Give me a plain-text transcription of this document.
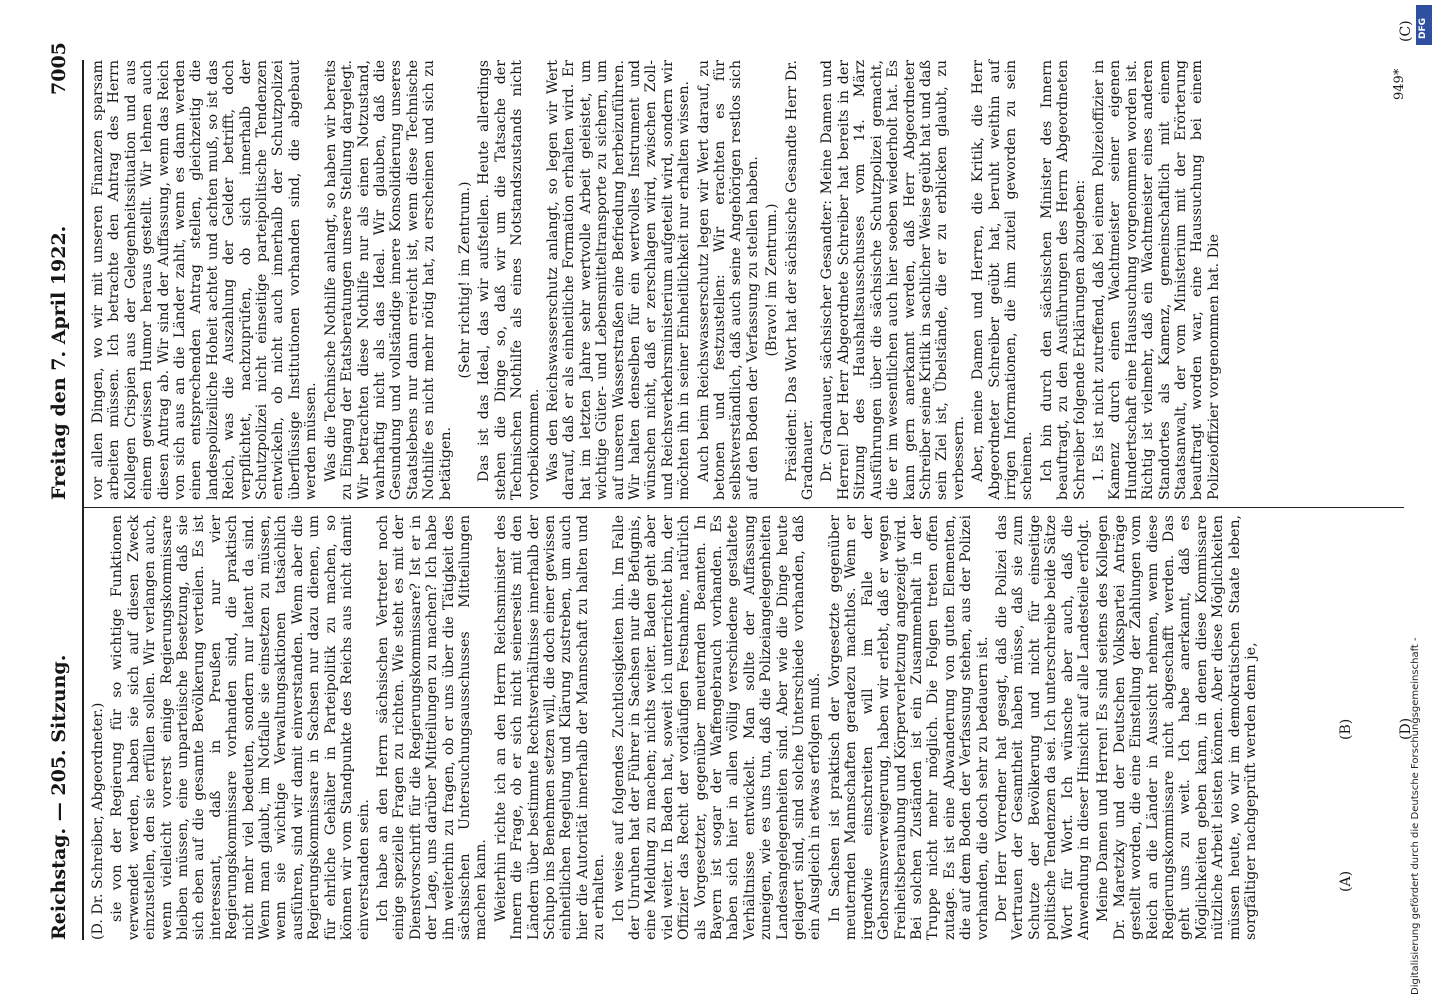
Reichstag. — 205. Sitzung.
Freitag den 7. April 1922.
7005
(A)
(B)
(C)
(D)

(D. Dr. Schreiber, Abgeordneter.) sie von der Regierung für so wichtige Funktionen verwendet werden, haben sie sich auf diesen Zweck einzustellen, den sie erfüllen sollen. Wir verlangen auch, wenn vielleicht vorerst einige Regierungskommissare bleiben müssen, eine unparteiische Besetzung, daß sie sich eben auf die gesamte Bevölkerung verteilen. Es ist interessant, daß in Preußen nur vier Regierungskommissare vorhanden sind, die praktisch nicht mehr viel bedeuten, sondern nur latent da sind. Wenn man glaubt, im Notfalle sie einsetzen zu müssen, wenn sie wichtige Verwaltungsaktionen tatsächlich ausführen, sind wir damit einverstanden. Wenn aber die Regierungskommissare in Sachsen nur dazu dienen, um für ehrliche Gehälter in Parteipolitik zu machen, so können wir vom Standpunkte des Reichs aus nicht damit einverstanden sein. Ich habe an den Herrn sächsischen Vertreter noch einige spezielle Fragen zu richten. Wie steht es mit der Dienstvorschrift für die Regierungskommissare? Ist er in der Lage, uns darüber Mitteilungen zu machen? Ich habe ihn weiterhin zu fragen, ob er uns über die Tätigkeit des sächsischen Untersuchungsausschusses Mitteilungen machen kann. Weiterhin richte ich an den Herrn Reichsminister des Innern die Frage, ob er sich nicht seinerseits mit den Ländern über bestimmte Rechtsverhältnisse innerhalb der Schupo ins Benehmen setzen will, die doch einer gewissen einheitlichen Regelung und Klärung zustreben, um auch hier die Autorität innerhalb der Mannschaft zu halten und zu erhalten. Ich weise auf folgendes Zuchtlosigkeiten hin. Im Falle der Unruhen hat der Führer in Sachsen nur die Befugnis, eine Meldung zu machen; nichts weiter. Baden geht aber viel weiter. In Baden hat, soweit ich unterrichtet bin, der Offizier das Recht der vorläufigen Festnahme, natürlich als Vorgesetzter, gegenüber meuternden Beamten. In Bayern ist sogar der Waffengebrauch vorhanden. Es haben sich hier in allen völlig verschiedene gestaltete Verhältnisse entwickelt. Man sollte der Auffassung zuneigen, wie es uns tun, daß die Polizeiangelegenheiten Landesangelegenheiten sind. Aber wie die Dinge heute gelagert sind, sind solche Unterschiede vorhanden, daß ein Ausgleich in etwas erfolgen muß. In Sachsen ist praktisch der Vorgesetzte gegenüber meuternden Mannschaften geradezu machtlos. Wenn er irgendwie einschreiten will im Falle der Gehorsamsverweigerung, haben wir erlebt, daß er wegen Freiheitsberaubung und Körperverletzung angezeigt wird. Bei solchen Zuständen ist ein Zusammenhalt in der Truppe nicht mehr möglich. Die Folgen treten offen zutage. Es ist eine Abwanderung von guten Elementen, die auf dem Boden der Verfassung stehen, aus der Polizei vorhanden, die doch sehr zu bedauern ist. Der Herr Vorredner hat gesagt, daß die Polizei das Vertrauen der Gesamtheit haben müsse, daß sie zum Schutze der Bevölkerung und nicht für einseitige politische Tendenzen da sei. Ich unterschreibe beide Sätze Wort für Wort. Ich wünsche aber auch, daß die Anwendung in dieser Hinsicht auf alle Landesteile erfolgt. Meine Damen und Herren! Es sind seitens des Kollegen Dr. Maretzky und der Deutschen Volkspartei Anträge gestellt worden, die eine Einstellung der Zahlungen vom Reich an die Länder in Aussicht nehmen, wenn diese Regierungskommissare nicht abgeschafft werden. Das geht uns zu weit. Ich habe anerkannt, daß es Möglichkeiten geben kann, in denen diese Kommissare nützliche Arbeit leisten können. Aber diese Möglichkeiten müssen heute, wo wir im demokratischen Staate leben, sorgfältiger nachgeprüft werden denn je,

vor allen Dingen, wo wir mit unseren Finanzen sparsam arbeiten müssen. Ich betrachte den Antrag des Herrn Kollegen Crispien aus der Gelegenheitssituation und aus einem gewissen Humor heraus gestellt. Wir lehnen auch diesen Antrag ab. Wir sind der Auffassung, wenn das Reich von sich aus an die Länder zahlt, wenn es dann werden einen entsprechenden Antrag stellen, gleichzeitig die landespolizeiliche Hoheit achtet und achten muß, so ist das Reich, was die Auszahlung der Gelder betrifft, doch verpflichtet, nachzuprüfen, ob sich innerhalb der Schutzpolizei nicht einseitige parteipolitische Tendenzen entwickeln, ob nicht auch innerhalb der Schutzpolizei überflüssige Institutionen vorhanden sind, die abgebaut werden müssen. Was die Technische Nothilfe anlangt, so haben wir bereits zu Eingang der Etatsberatungen unsere Stellung dargelegt. Wir betrachten diese Nothilfe nur als einen Notzustand, wahrhaftig nicht als das Ideal. Wir glauben, daß die Gesundung und vollständige innere Konsolidierung unseres Staatslebens nur dann erreicht ist, wenn diese Technische Nothilfe es nicht mehr nötig hat, zu erscheinen und sich zu betätigen.

(Sehr richtig! im Zentrum.) Das ist das Ideal, das wir aufstellen. Heute allerdings stehen die Dinge so, daß wir um die Tatsache der Technischen Nothilfe als eines Notstandszustands nicht vorbeikommen. Was den Reichswasserschutz anlangt, so legen wir Wert darauf, daß er als einheitliche Formation erhalten wird. Er hat im letzten Jahre sehr wertvolle Arbeit geleistet, um wichtige Güter- und Lebensmitteltransporte zu sichern, um auf unseren Wasserstraßen eine Befriedung herbeizuführen. Wir halten denselben für ein wertvolles Instrument und wünschen nicht, daß er zerschlagen wird, zwischen Zoll- und Reichsverkehrsministerium aufgeteilt wird, sondern wir möchten ihn in seiner Einheitlichkeit nur erhalten wissen. Auch beim Reichswasserschutz legen wir Wert darauf, zu betonen und festzustellen: Wir erachten es für selbstverständlich, daß auch seine Angehörigen restlos sich auf den Boden der Verfassung zu stellen haben. (Bravo! im Zentrum.) Präsident: Das Wort hat der sächsische Gesandte Herr Dr. Gradnauer. Dr. Gradnauer, sächsischer Gesandter: Meine Damen und Herren! Der Herr Abgeordnete Schreiber hat bereits in der Sitzung des Haushaltsausschusses vom 14. März Ausführungen über die sächsische Schutzpolizei gemacht, die er im wesentlichen auch hier soeben wiederholt hat. Es kann gern anerkannt werden, daß Herr Abgeordneter Schreiber seine Kritik in sachlicher Weise geübt hat und daß sein Ziel ist, Übelstände, die er zu erblicken glaubt, zu verbessern. Aber, meine Damen und Herren, die Kritik, die Herr Abgeordneter Schreiber geübt hat, beruht weithin auf irrigen Informationen, die ihm zuteil geworden zu sein scheinen. Ich bin durch den sächsischen Minister des Innern beauftragt, zu den Ausführungen des Herrn Abgeordneten Schreiber folgende Erklärungen abzugeben: 1. Es ist nicht zutreffend, daß bei einem Polizeioffizier in Kamenz durch einen Wachtmeister seiner eigenen Hundertschaft eine Haussuchung vorgenommen worden ist. Richtig ist vielmehr, daß ein Wachtmeister eines anderen Standortes als Kamenz, gemeinschaftlich mit einem Staatsanwalt, der vom Ministerium mit der Erörterung beauftragt worden war, eine Haussuchung bei einem Polizeioffizier vorgenommen hat. Die

949*
Digitalisierung gefördert durch die Deutsche Forschungsgemeinschaft -
DFG
